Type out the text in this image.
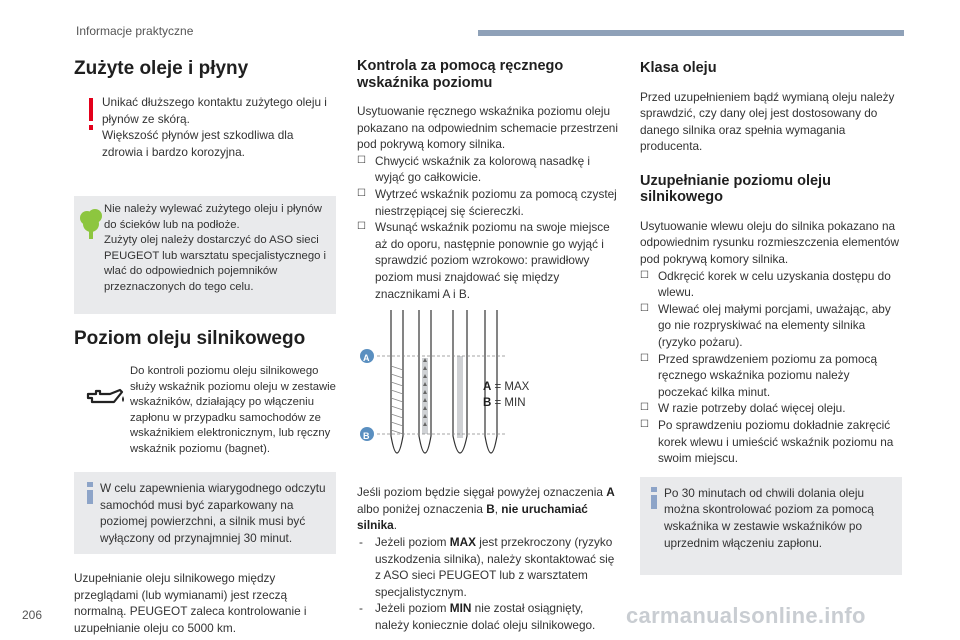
Informacje praktyczne
Zużyte oleje i płyny

Unikać dłuższego kontaktu zużytego oleju i płynów ze skórą.
Większość płynów jest szkodliwa dla zdrowia i bardzo korozyjna.

Nie należy wylewać zużytego oleju i płynów do ścieków lub na podłoże.
Zużyty olej należy dostarczyć do ASO sieci PEUGEOT lub warsztatu specjalistycznego i wlać do odpowiednich pojemników przeznaczonych do tego celu.

Poziom oleju silnikowego

Do kontroli poziomu oleju silnikowego służy wskaźnik poziomu oleju w zestawie wskaźników, działający po włączeniu zapłonu w przypadku samochodów ze wskaźnikiem elektronicznym, lub ręczny wskaźnik poziomu (bagnet).

W celu zapewnienia wiarygodnego odczytu samochód musi być zaparkowany na poziomej powierzchni, a silnik musi być wyłączony od przynajmniej 30 minut.

Uzupełnianie oleju silnikowego między przeglądami (lub wymianami) jest rzeczą normalną. PEUGEOT zaleca kontrolowanie i uzupełnianie oleju co 5000 km.

Kontrola za pomocą ręcznego wskaźnika poziomu

Usytuowanie ręcznego wskaźnika poziomu oleju pokazano na odpowiednim schemacie przestrzeni pod pokrywą komory silnika.

☐ Chwycić wskaźnik za kolorową nasadkę i wyjąć go całkowicie.
☐ Wytrzeć wskaźnik poziomu za pomocą czystej niestrzępiącej się ściereczki.
☐ Wsunąć wskaźnik poziomu na swoje miejsce aż do oporu, następnie ponownie go wyjąć i sprawdzić poziom wzrokowo: prawidłowy poziom musi znajdować się między znacznikami A i B.
A
B
A = MAX
B = MIN

Jeśli poziom będzie sięgał powyżej oznaczenia A albo poniżej oznaczenia B, nie uruchamiać silnika.

- Jeżeli poziom MAX jest przekroczony (ryzyko uszkodzenia silnika), należy skontaktować się z ASO sieci PEUGEOT lub z warsztatem specjalistycznym.
- Jeżeli poziom MIN nie został osiągnięty, należy koniecznie dolać oleju silnikowego.
Klasa oleju

Przed uzupełnieniem bądź wymianą oleju należy sprawdzić, czy dany olej jest dostosowany do danego silnika oraz spełnia wymagania producenta.

Uzupełnianie poziomu oleju silnikowego

Usytuowanie wlewu oleju do silnika pokazano na odpowiednim rysunku rozmieszczenia elementów pod pokrywą komory silnika.

☐ Odkręcić korek w celu uzyskania dostępu do wlewu.
☐ Wlewać olej małymi porcjami, uważając, aby go nie rozpryskiwać na elementy silnika (ryzyko pożaru).
☐ Przed sprawdzeniem poziomu za pomocą ręcznego wskaźnika poziomu należy poczekać kilka minut.
☐ W razie potrzeby dolać więcej oleju.
☐ Po sprawdzeniu poziomu dokładnie zakręcić korek wlewu i umieścić wskaźnik poziomu na swoim miejscu.

Po 30 minutach od chwili dolania oleju można skontrolować poziom za pomocą wskaźnika w zestawie wskaźników po uprzednim włączeniu zapłonu.

206	carmanualsonline.info
